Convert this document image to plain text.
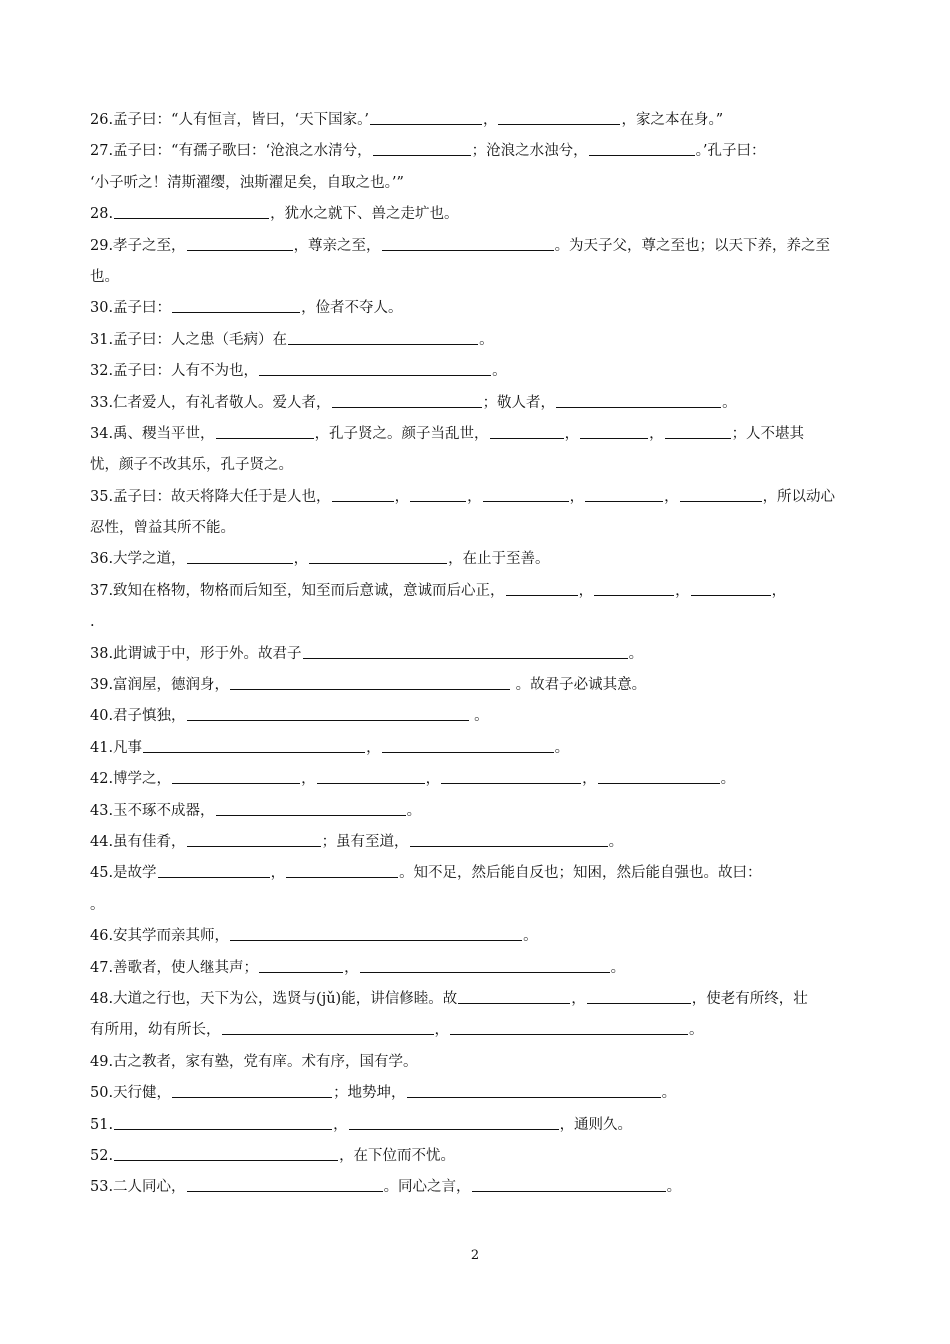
26.孟子曰：“人有恒言，皆曰，‘天下国家。’	，	，家之本在身。”
27.孟子曰：“有孺子歌曰：‘沧浪之水清兮，	；沧浪之水浊兮，	。’孔子曰：
‘小子听之！清斯濯缨，浊斯濯足矣，自取之也。’”
28.	，犹水之就下、兽之走圹也。
29.孝子之至，	，尊亲之至，	。为天子父，尊之至也；以天下养，养之至
也。
30.孟子曰：	，俭者不夺人。
31.孟子曰：人之患（毛病）在	。
32.孟子曰：人有不为也，	。
33.仁者爱人，有礼者敬人。爱人者，	；敬人者，	。
34.禹、稷当平世，	，孔子贤之。颜子当乱世，	，	，	；人不堪其
忧，颜子不改其乐，孔子贤之。
35.孟子曰：故天将降大任于是人也，	，	，	，	，	，所以动心
忍性，曾益其所不能。
36.大学之道，	，	，在止于至善。
37.致知在格物，物格而后知至，知至而后意诚，意诚而后心正，	，	，	，
.
38.此谓诚于中，形于外。故君子	。
39.富润屋，德润身，	。故君子必诚其意。
40.君子慎独，	。
41.凡事	，	。
42.博学之，	，	，	，	。
43.玉不琢不成器，	。
44.虽有佳肴，	；虽有至道，	。
45.是故学	，	。知不足，然后能自反也；知困，然后能自强也。故曰：
。
46.安其学而亲其师，	。
47.善歌者，使人继其声；	，	。
48.大道之行也，天下为公，选贤与(jǔ)能，讲信修睦。故	，	，使老有所终，壮
有所用，幼有所长，	，	。
49.古之教者，家有塾，党有庠。术有序，国有学。
50.天行健，	；地势坤，	。
51.	，	，通则久。
52.	，在下位而不忧。
53.二人同心，	。同心之言，	。
2
